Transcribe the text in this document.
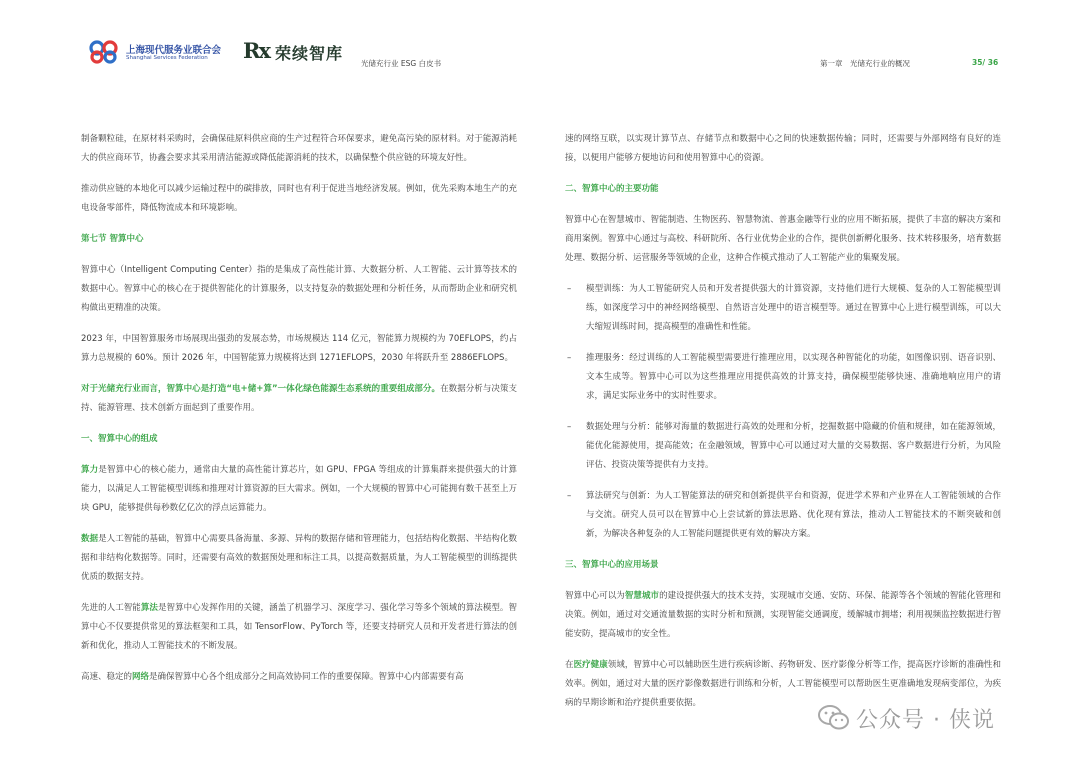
上海现代服务业联合会
Shanghai Services Federation Rx 荣续智库
光储充行业 ESG 白皮书	第一章　光储充行业的概况	35/ 36

制备颗粒硅，在原材料采购时，会确保硅原料供应商的生产过程符合环保要求，避免高污染的原材料。对于能源消耗大的供应商环节，协鑫会要求其采用清洁能源或降低能源消耗的技术，以确保整个供应链的环境友好性。

推动供应链的本地化可以减少运输过程中的碳排放，同时也有利于促进当地经济发展。例如，优先采购本地生产的充电设备零部件，降低物流成本和环境影响。

第七节 智算中心

智算中心（Intelligent Computing Center）指的是集成了高性能计算、大数据分析、人工智能、云计算等技术的数据中心。智算中心的核心在于提供智能化的计算服务，以支持复杂的数据处理和分析任务，从而帮助企业和研究机构做出更精准的决策。

2023 年，中国智算服务市场展现出强劲的发展态势，市场规模达 114 亿元，智能算力规模约为 70EFLOPS，约占算力总规模的 60%。预计 2026 年，中国智能算力规模将达到 1271EFLOPS，2030 年将跃升至 2886EFLOPS。

对于光储充行业而言，智算中心是打造“电+储+算”一体化绿色能源生态系统的重要组成部分。在数据分析与决策支持、能源管理、技术创新方面起到了重要作用。

一、智算中心的组成

算力是智算中心的核心能力，通常由大量的高性能计算芯片，如 GPU、FPGA 等组成的计算集群来提供强大的计算能力，以满足人工智能模型训练和推理对计算资源的巨大需求。例如，一个大规模的智算中心可能拥有数千甚至上万块 GPU，能够提供每秒数亿亿次的浮点运算能力。

数据是人工智能的基础，智算中心需要具备海量、多源、异构的数据存储和管理能力，包括结构化数据、半结构化数据和非结构化数据等。同时，还需要有高效的数据预处理和标注工具，以提高数据质量，为人工智能模型的训练提供优质的数据支持。

先进的人工智能算法是智算中心发挥作用的关键，涵盖了机器学习、深度学习、强化学习等多个领域的算法模型。智算中心不仅要提供常见的算法框架和工具，如 TensorFlow、PyTorch 等，还要支持研究人员和开发者进行算法的创新和优化，推动人工智能技术的不断发展。

高速、稳定的网络是确保智算中心各个组成部分之间高效协同工作的重要保障。智算中心内部需要有高

速的网络互联，以实现计算节点、存储节点和数据中心之间的快速数据传输；同时，还需要与外部网络有良好的连接，以便用户能够方便地访问和使用智算中心的资源。

二、智算中心的主要功能

智算中心在智慧城市、智能制造、生物医药、智慧物流、普惠金融等行业的应用不断拓展，提供了丰富的解决方案和商用案例。智算中心通过与高校、科研院所、各行业优势企业的合作，提供创新孵化服务、技术转移服务，培育数据处理、数据分析、运营服务等领域的企业，这种合作模式推动了人工智能产业的集聚发展。

– 模型训练：为人工智能研究人员和开发者提供强大的计算资源，支持他们进行大规模、复杂的人工智能模型训练，如深度学习中的神经网络模型、自然语言处理中的语言模型等。通过在智算中心上进行模型训练，可以大大缩短训练时间，提高模型的准确性和性能。
– 推理服务：经过训练的人工智能模型需要进行推理应用，以实现各种智能化的功能，如图像识别、语音识别、文本生成等。智算中心可以为这些推理应用提供高效的计算支持，确保模型能够快速、准确地响应用户的请求，满足实际业务中的实时性要求。
– 数据处理与分析：能够对海量的数据进行高效的处理和分析，挖掘数据中隐藏的价值和规律，如在能源领域，能优化能源使用，提高能效；在金融领域，智算中心可以通过对大量的交易数据、客户数据进行分析，为风险评估、投资决策等提供有力支持。
– 算法研究与创新：为人工智能算法的研究和创新提供平台和资源，促进学术界和产业界在人工智能领域的合作与交流。研究人员可以在智算中心上尝试新的算法思路、优化现有算法，推动人工智能技术的不断突破和创新，为解决各种复杂的人工智能问题提供更有效的解决方案。
三、智算中心的应用场景

智算中心可以为智慧城市的建设提供强大的技术支持，实现城市交通、安防、环保、能源等各个领域的智能化管理和决策。例如，通过对交通流量数据的实时分析和预测，实现智能交通调度，缓解城市拥堵；利用视频监控数据进行智能安防，提高城市的安全性。

在医疗健康领域，智算中心可以辅助医生进行疾病诊断、药物研发、医疗影像分析等工作，提高医疗诊断的准确性和效率。例如，通过对大量的医疗影像数据进行训练和分析，人工智能模型可以帮助医生更准确地发现病变部位，为疾病的早期诊断和治疗提供重要依据。

公众号 · 侠说
